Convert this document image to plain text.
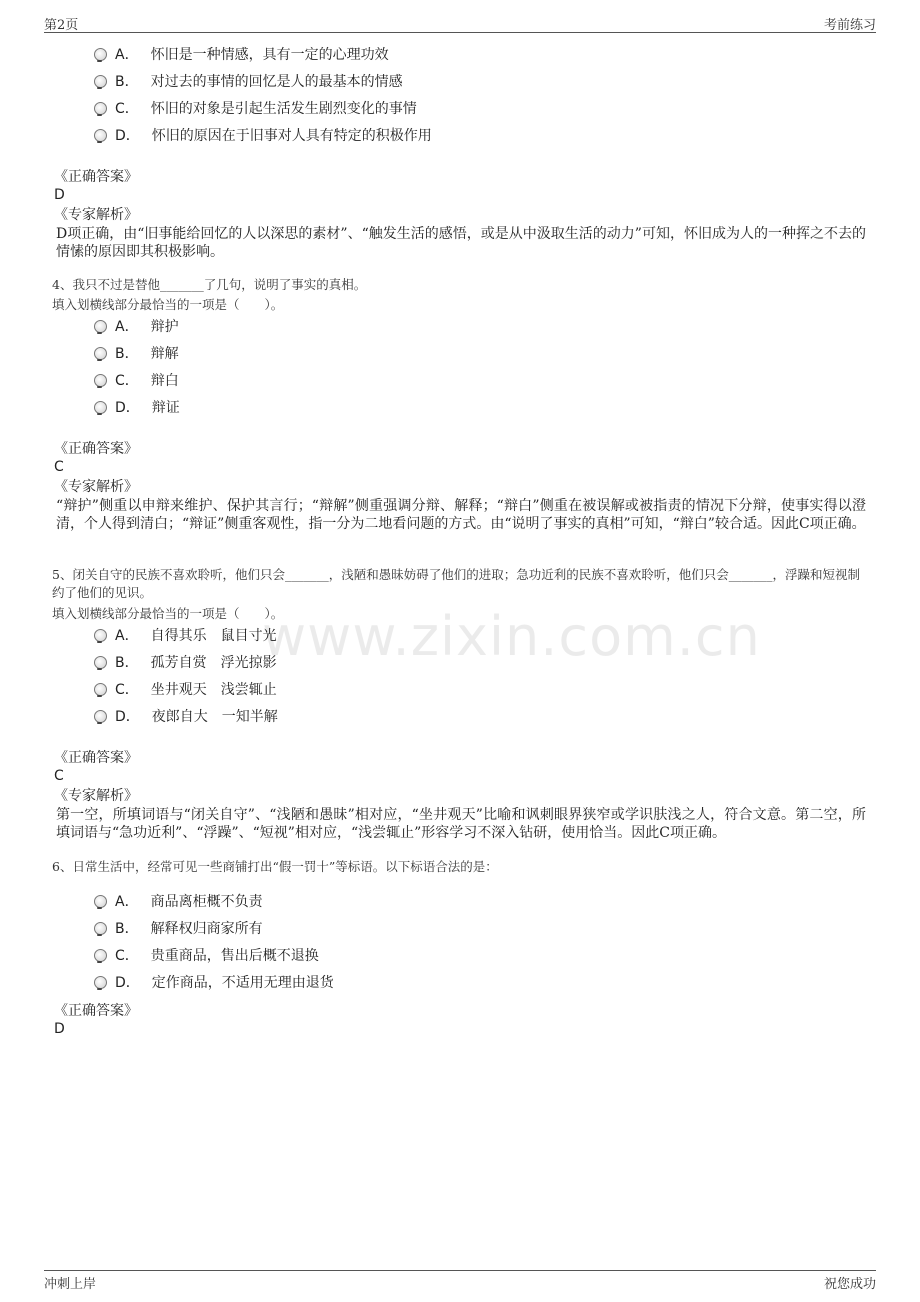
第2页	考前练习
www.zixin.com.cn
A． 怀旧是一种情感，具有一定的心理功效
B． 对过去的事情的回忆是人的最基本的情感
C． 怀旧的对象是引起生活发生剧烈变化的事情
D． 怀旧的原因在于旧事对人具有特定的积极作用
《正确答案》
D
《专家解析》
D项正确，由“旧事能给回忆的人以深思的素材”、“触发生活的感悟，或是从中汲取生活的动力”可知，怀旧成为人的一种挥之不去的情愫的原因即其积极影响。
4、我只不过是替他_______了几句，说明了事实的真相。
填入划横线部分最恰当的一项是（　　）。
A． 辩护
B． 辩解
C． 辩白
D． 辩证
《正确答案》
C
《专家解析》
“辩护”侧重以申辩来维护、保护其言行；“辩解”侧重强调分辩、解释；“辩白”侧重在被误解或被指责的情况下分辩，使事实得以澄清，个人得到清白；“辩证”侧重客观性，指一分为二地看问题的方式。由“说明了事实的真相”可知，“辩白”较合适。因此C项正确。
5、闭关自守的民族不喜欢聆听，他们只会_______，浅陋和愚昧妨碍了他们的进取；急功近利的民族不喜欢聆听，他们只会_______，浮躁和短视制约了他们的见识。
填入划横线部分最恰当的一项是（　　）。
A． 自得其乐　鼠目寸光
B． 孤芳自赏　浮光掠影
C． 坐井观天　浅尝辄止
D． 夜郎自大　一知半解
《正确答案》
C
《专家解析》
第一空，所填词语与“闭关自守”、“浅陋和愚昧”相对应，“坐井观天”比喻和讽刺眼界狭窄或学识肤浅之人，符合文意。第二空，所填词语与“急功近利”、“浮躁”、“短视”相对应，“浅尝辄止”形容学习不深入钻研，使用恰当。因此C项正确。
6、日常生活中，经常可见一些商铺打出“假一罚十”等标语。以下标语合法的是：
A． 商品离柜概不负责
B． 解释权归商家所有
C． 贵重商品，售出后概不退换
D． 定作商品，不适用无理由退货
《正确答案》
D
冲刺上岸	祝您成功
